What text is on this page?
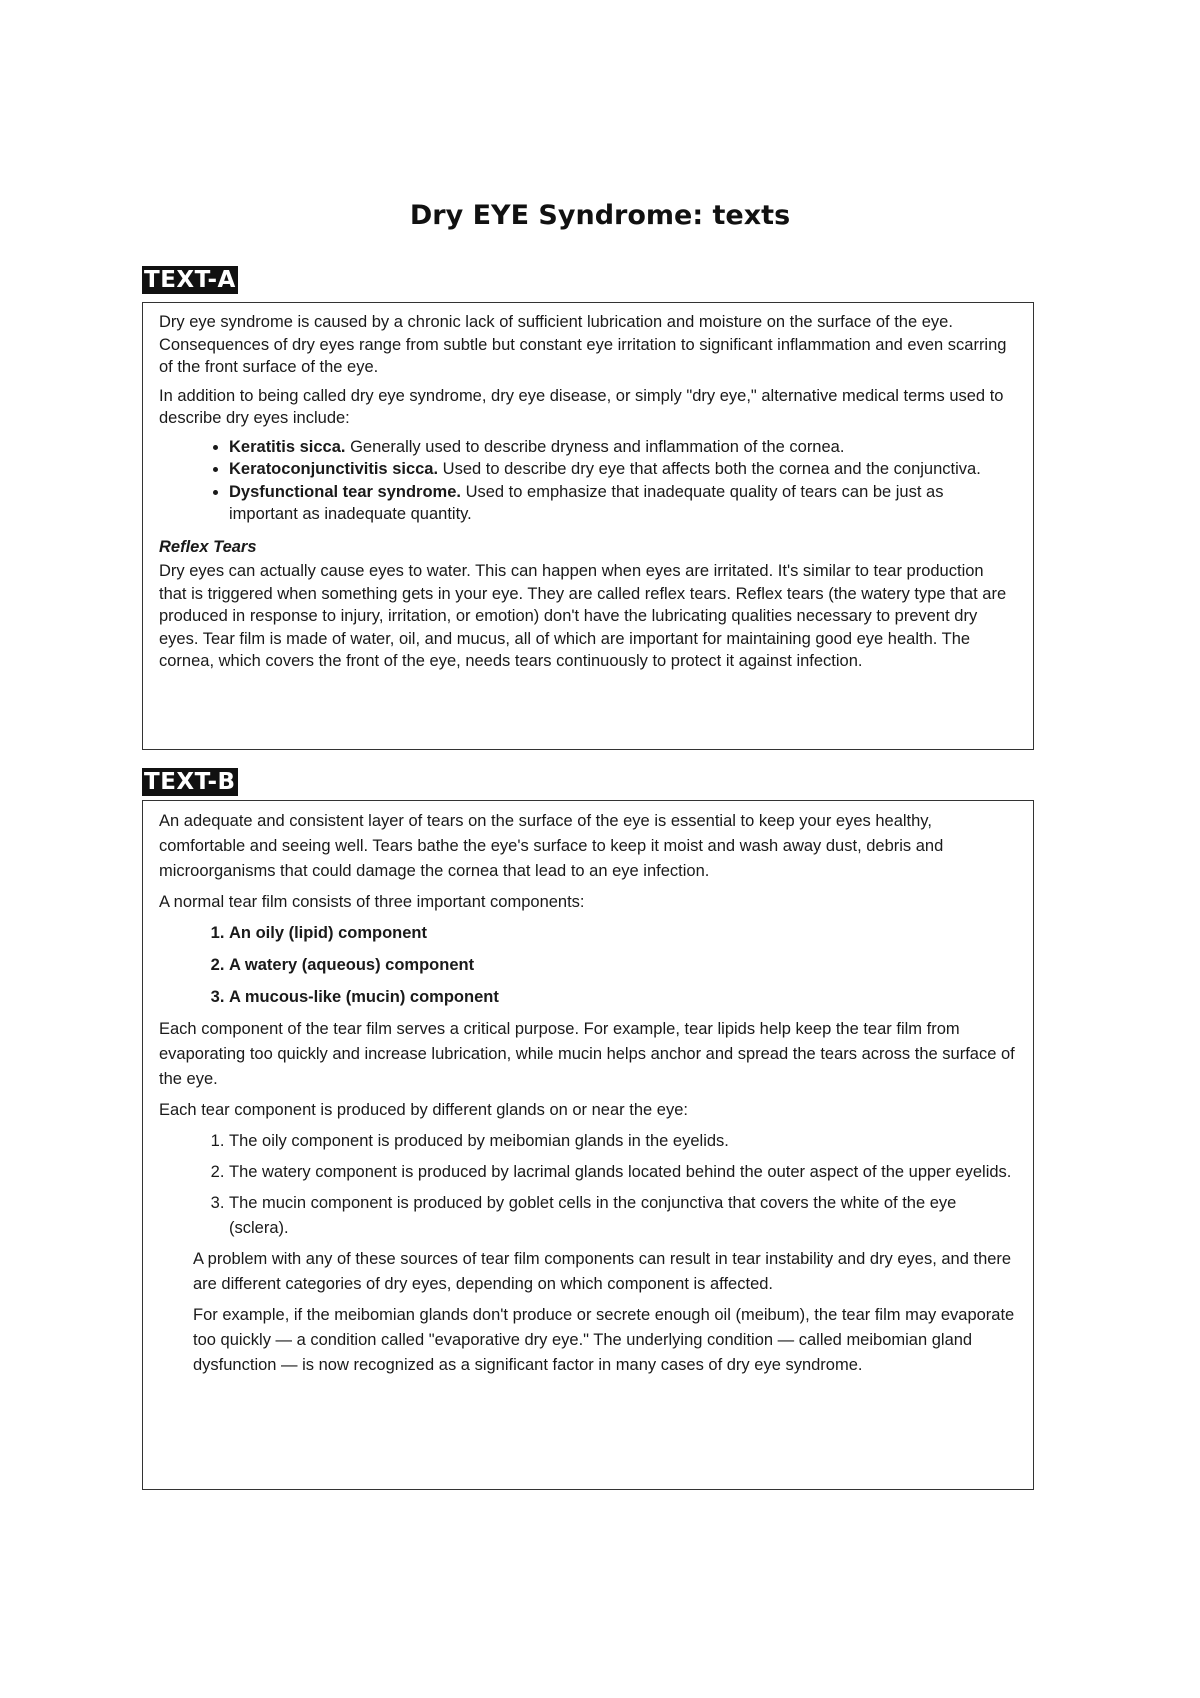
Dry EYE Syndrome: texts
TEXT-A

Dry eye syndrome is caused by a chronic lack of sufficient lubrication and moisture on the surface of the eye. Consequences of dry eyes range from subtle but constant eye irritation to significant inflammation and even scarring of the front surface of the eye.

In addition to being called dry eye syndrome, dry eye disease, or simply "dry eye," alternative medical terms used to describe dry eyes include:

• Keratitis sicca. Generally used to describe dryness and inflammation of the cornea.
• Keratoconjunctivitis sicca. Used to describe dry eye that affects both the cornea and the conjunctiva.
• Dysfunctional tear syndrome. Used to emphasize that inadequate quality of tears can be just as important as inadequate quantity.
Reflex Tears

Dry eyes can actually cause eyes to water. This can happen when eyes are irritated. It's similar to tear production that is triggered when something gets in your eye. They are called reflex tears. Reflex tears (the watery type that are produced in response to injury, irritation, or emotion) don't have the lubricating qualities necessary to prevent dry eyes. Tear film is made of water, oil, and mucus, all of which are important for maintaining good eye health. The cornea, which covers the front of the eye, needs tears continuously to protect it against infection.

TEXT-B

An adequate and consistent layer of tears on the surface of the eye is essential to keep your eyes healthy, comfortable and seeing well. Tears bathe the eye's surface to keep it moist and wash away dust, debris and microorganisms that could damage the cornea that lead to an eye infection.

A normal tear film consists of three important components:

1. An oily (lipid) component
2. A watery (aqueous) component
3. A mucous-like (mucin) component

Each component of the tear film serves a critical purpose. For example, tear lipids help keep the tear film from evaporating too quickly and increase lubrication, while mucin helps anchor and spread the tears across the surface of the eye.

Each tear component is produced by different glands on or near the eye:

1. The oily component is produced by meibomian glands in the eyelids.
2. The watery component is produced by lacrimal glands located behind the outer aspect of the upper eyelids.
3. The mucin component is produced by goblet cells in the conjunctiva that covers the white of the eye (sclera).

A problem with any of these sources of tear film components can result in tear instability and dry eyes, and there are different categories of dry eyes, depending on which component is affected.

For example, if the meibomian glands don't produce or secrete enough oil (meibum), the tear film may evaporate too quickly — a condition called "evaporative dry eye." The underlying condition — called meibomian gland dysfunction — is now recognized as a significant factor in many cases of dry eye syndrome.
